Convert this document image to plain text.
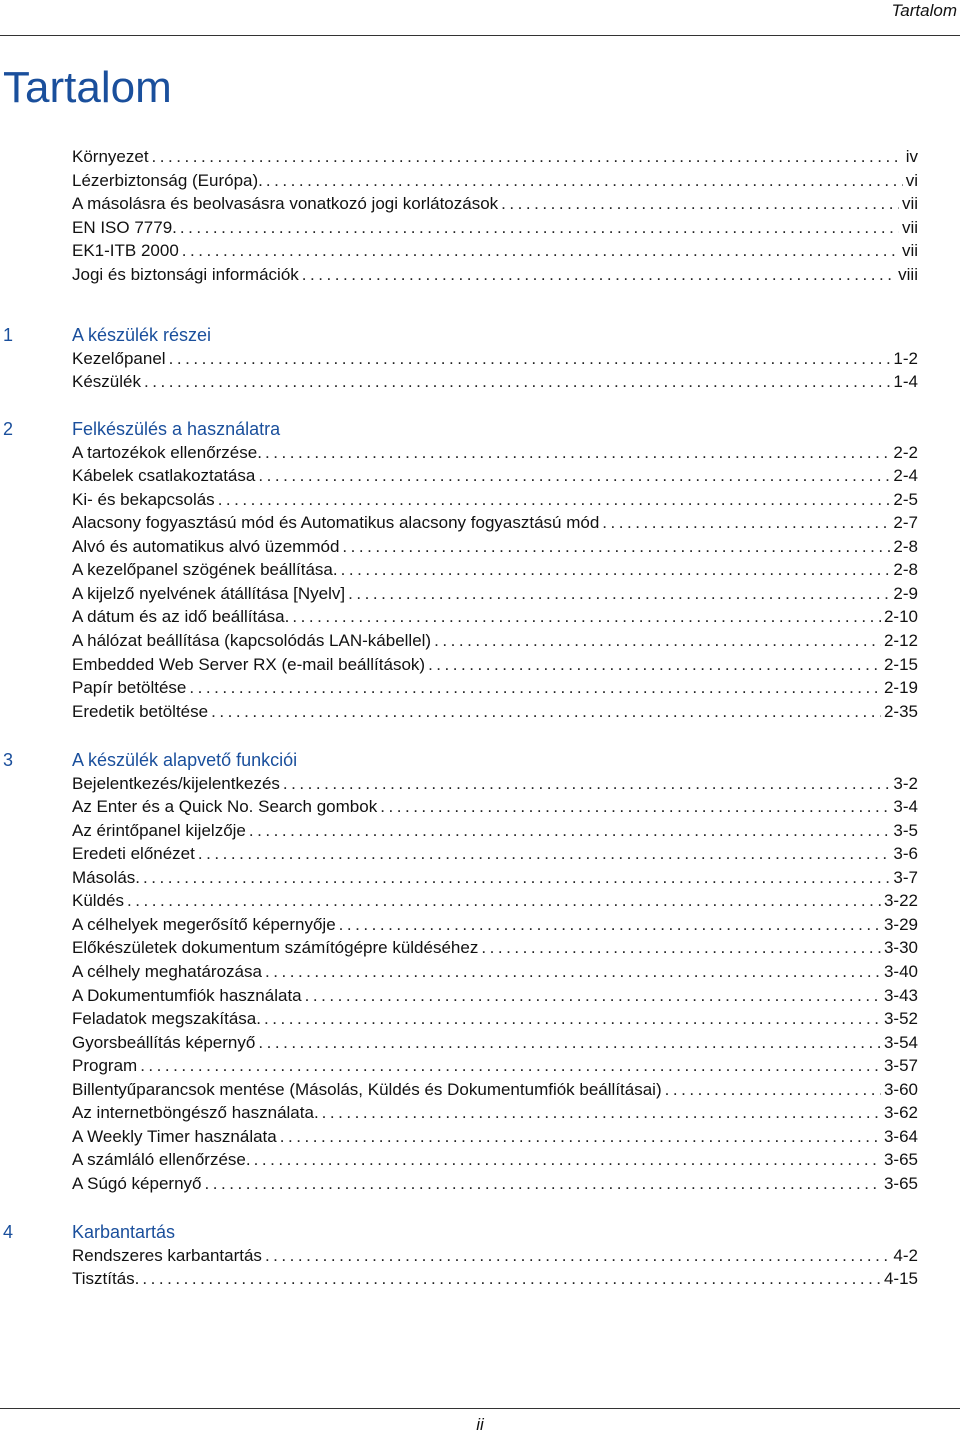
Tartalom
Tartalom
Környezet . . .	iv
Lézerbiztonság (Európa). . . .	vi
A másolásra és beolvasásra vonatkozó jogi korlátozások . . .	vii
EN ISO 7779. . . .	vii
EK1-ITB 2000 . . .	vii
Jogi és biztonsági információk . . .	viii
1	A készülék részei
Kezelőpanel . . .	1-2
Készülék . . .	1-4
2	Felkészülés a használatra
A tartozékok ellenőrzése. . . .	2-2
Kábelek csatlakoztatása . . .	2-4
Ki- és bekapcsolás . . .	2-5
Alacsony fogyasztású mód és Automatikus alacsony fogyasztású mód . . .	2-7
Alvó és automatikus alvó üzemmód . . .	2-8
A kezelőpanel szögének beállítása. . . .	2-8
A kijelző nyelvének átállítása [Nyelv] . . .	2-9
A dátum és az idő beállítása. . . .	2-10
A hálózat beállítása (kapcsolódás LAN-kábellel) . . .	2-12
Embedded Web Server RX (e-mail beállítások) . . .	2-15
Papír betöltése . . .	2-19
Eredetik betöltése . . .	2-35
3	A készülék alapvető funkciói
Bejelentkezés/kijelentkezés . . .	3-2
Az Enter és a Quick No. Search gombok . . .	3-4
Az érintőpanel kijelzője . . .	3-5
Eredeti előnézet . . .	3-6
Másolás. . . .	3-7
Küldés . . .	3-22
A célhelyek megerősítő képernyője . . .	3-29
Előkészületek dokumentum számítógépre küldéséhez . . .	3-30
A célhely meghatározása . . .	3-40
A Dokumentumfiók használata . . .	3-43
Feladatok megszakítása. . . .	3-52
Gyorsbeállítás képernyő . . .	3-54
Program . . .	3-57
Billentyűparancsok mentése (Másolás, Küldés és Dokumentumfiók beállításai) . . .	3-60
Az internetböngésző használata. . . .	3-62
A Weekly Timer használata . . .	3-64
A számláló ellenőrzése. . . .	3-65
A Súgó képernyő . . .	3-65
4	Karbantartás
Rendszeres karbantartás . . .	4-2
Tisztítás. . . .	4-15
ii
